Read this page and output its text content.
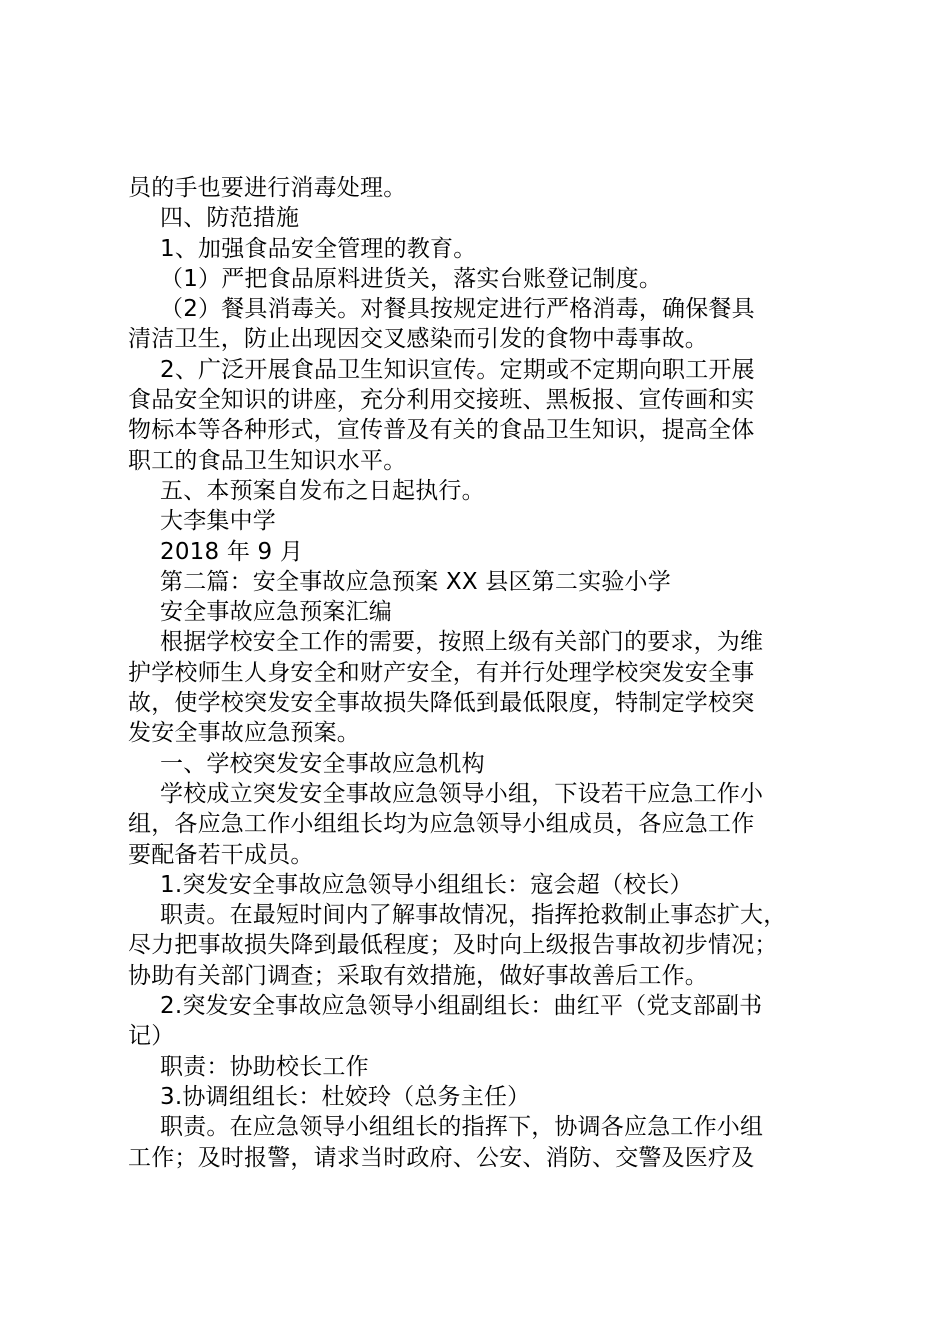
员的手也要进行消毒处理。
四、防范措施
1、加强食品安全管理的教育。
（1）严把食品原料进货关，落实台账登记制度。
（2）餐具消毒关。对餐具按规定进行严格消毒，确保餐具
清洁卫生，防止出现因交叉感染而引发的食物中毒事故。
2、广泛开展食品卫生知识宣传。定期或不定期向职工开展
食品安全知识的讲座，充分利用交接班、黑板报、宣传画和实
物标本等各种形式，宣传普及有关的食品卫生知识，提高全体
职工的食品卫生知识水平。
五、本预案自发布之日起执行。
大李集中学
2018 年 9 月
第二篇：安全事故应急预案 XX 县区第二实验小学
安全事故应急预案汇编
根据学校安全工作的需要，按照上级有关部门的要求，为维
护学校师生人身安全和财产安全，有并行处理学校突发安全事
故，使学校突发安全事故损失降低到最低限度，特制定学校突
发安全事故应急预案。
一、学校突发安全事故应急机构
学校成立突发安全事故应急领导小组，下设若干应急工作小
组，各应急工作小组组长均为应急领导小组成员，各应急工作
要配备若干成员。
1.突发安全事故应急领导小组组长：寇会超（校长）
职责。在最短时间内了解事故情况，指挥抢救制止事态扩大，
尽力把事故损失降到最低程度；及时向上级报告事故初步情况；
协助有关部门调查；采取有效措施，做好事故善后工作。
2.突发安全事故应急领导小组副组长：曲红平（党支部副书
记）
职责：协助校长工作
3.协调组组长：杜姣玲（总务主任）
职责。在应急领导小组组长的指挥下，协调各应急工作小组
工作；及时报警，请求当时政府、公安、消防、交警及医疗及
